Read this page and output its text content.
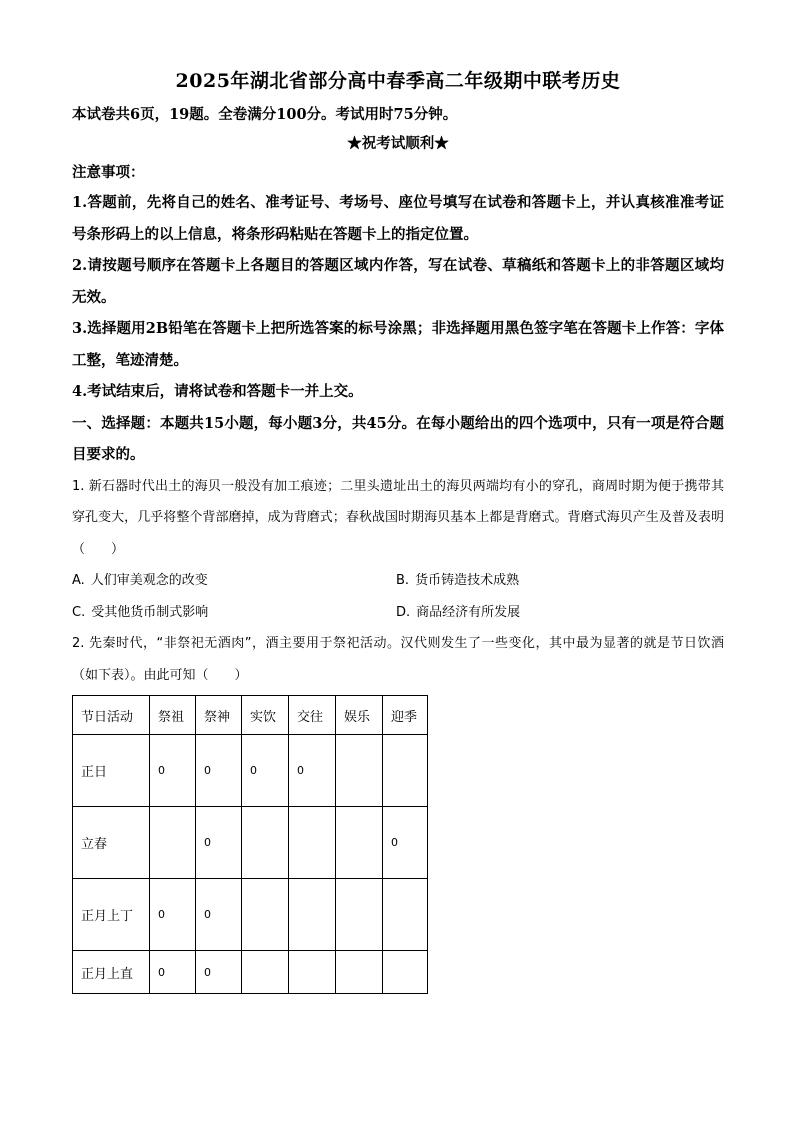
2025年湖北省部分高中春季高二年级期中联考历史

本试卷共6页，19题。全卷满分100分。考试用时75分钟。

★祝考试顺利★

注意事项：

1.答题前，先将自己的姓名、准考证号、考场号、座位号填写在试卷和答题卡上，并认真核准准考证号条形码上的以上信息，将条形码粘贴在答题卡上的指定位置。

2.请按题号顺序在答题卡上各题目的答题区域内作答，写在试卷、草稿纸和答题卡上的非答题区域均无效。

3.选择题用2B铅笔在答题卡上把所选答案的标号涂黑；非选择题用黑色签字笔在答题卡上作答：字体工整，笔迹清楚。

4.考试结束后，请将试卷和答题卡一并上交。

一、选择题：本题共15小题，每小题3分，共45分。在每小题给出的四个选项中，只有一项是符合题目要求的。

1. 新石器时代出土的海贝一般没有加工痕迹；二里头遗址出土的海贝两端均有小的穿孔，商周时期为便于携带其穿孔变大，几乎将整个背部磨掉，成为背磨式；春秋战国时期海贝基本上都是背磨式。背磨式海贝产生及普及表明（　　）

A. 人们审美观念的改变	B. 货币铸造技术成熟
C. 受其他货币制式影响	D. 商品经济有所发展

2. 先秦时代，“非祭祀无酒肉”，酒主要用于祭祀活动。汉代则发生了一些变化，其中最为显著的就是节日饮酒（如下表）。由此可知（　　）

节日活动	祭祖	祭神	实饮	交往	娱乐	迎季
正日	0	0	0	0		
立春		0				0
正月上丁	0	0				
正月上直	0	0				
